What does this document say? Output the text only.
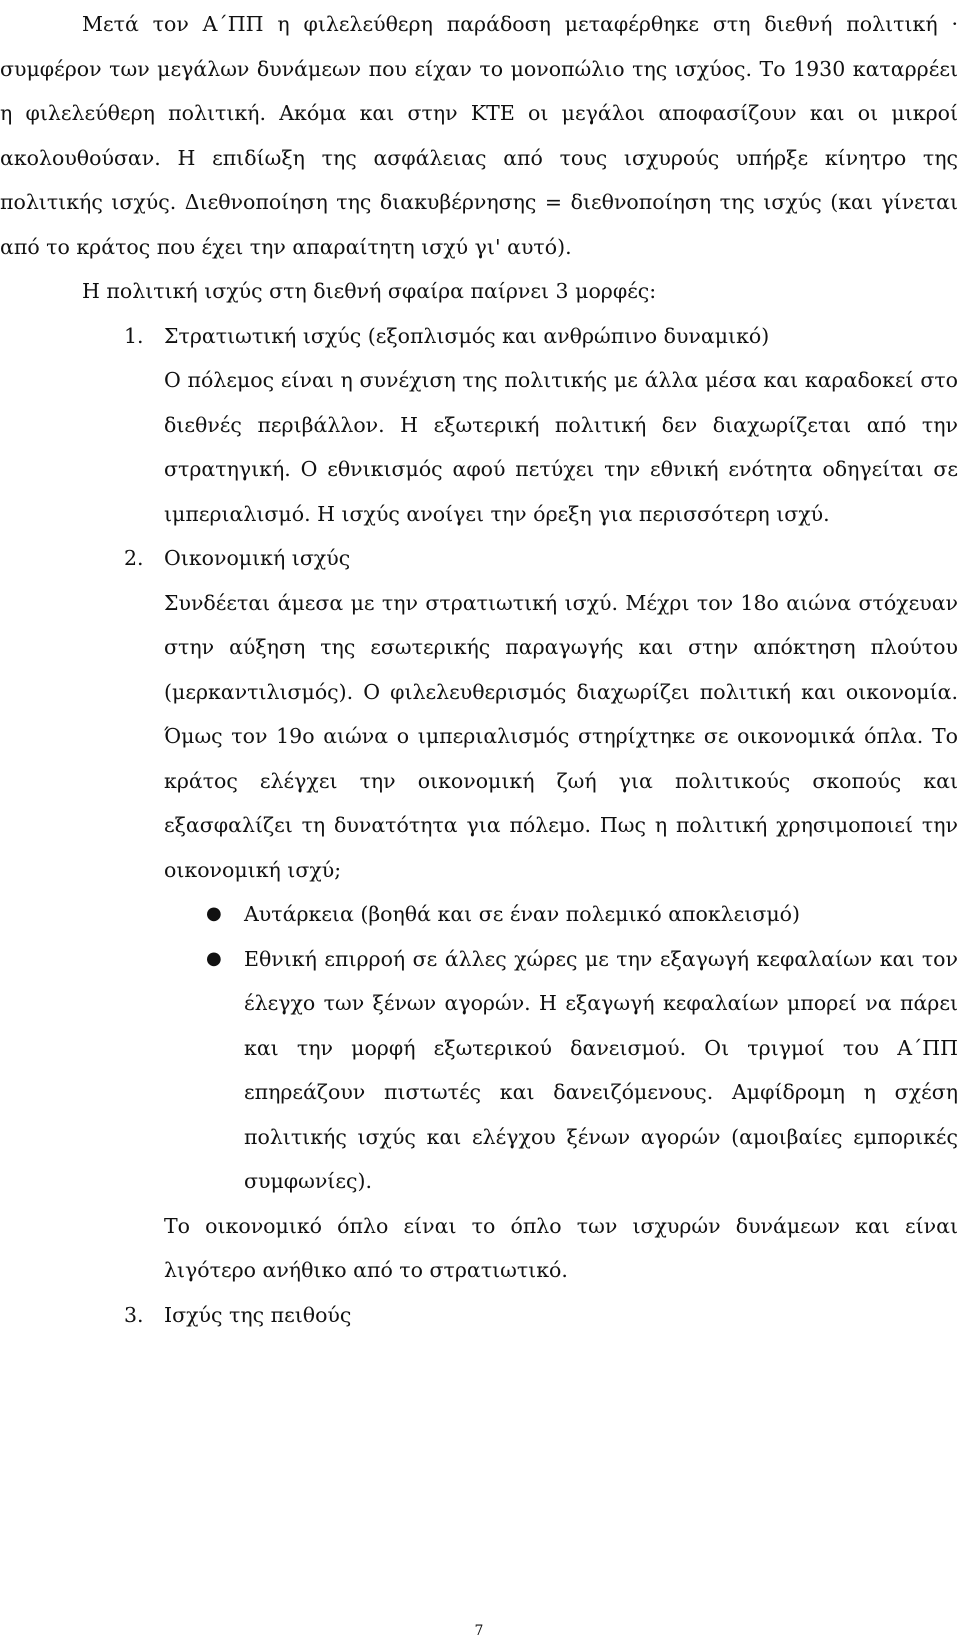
Μετά τον Α΄ΠΠ η φιλελεύθερη παράδοση μεταφέρθηκε στη διεθνή πολιτική · συμφέρον των μεγάλων δυνάμεων που είχαν το μονοπώλιο της ισχύος. Το 1930 καταρρέει η φιλελεύθερη πολιτική. Ακόμα και στην ΚΤΕ οι μεγάλοι αποφασίζουν και οι μικροί ακολουθούσαν. Η επιδίωξη της ασφάλειας από τους ισχυρούς υπήρξε κίνητρο της πολιτικής ισχύς. Διεθνοποίηση της διακυβέρνησης = διεθνοποίηση της ισχύς (και γίνεται από το κράτος που έχει την απαραίτητη ισχύ γι' αυτό).

Η πολιτική ισχύς στη διεθνή σφαίρα παίρνει 3 μορφές:

1. Στρατιωτική ισχύς (εξοπλισμός και ανθρώπινο δυναμικό)

Ο πόλεμος είναι η συνέχιση της πολιτικής με άλλα μέσα και καραδοκεί στο διεθνές περιβάλλον. Η εξωτερική πολιτική δεν διαχωρίζεται από την στρατηγική. Ο εθνικισμός αφού πετύχει την εθνική ενότητα οδηγείται σε ιμπεριαλισμό. Η ισχύς ανοίγει την όρεξη για περισσότερη ισχύ.

2. Οικονομική ισχύς

Συνδέεται άμεσα με την στρατιωτική ισχύ. Μέχρι τον 18ο αιώνα στόχευαν στην αύξηση της εσωτερικής παραγωγής και στην απόκτηση πλούτου (μερκαντιλισμός). Ο φιλελευθερισμός διαχωρίζει πολιτική και οικονομία. Όμως τον 19ο αιώνα ο ιμπεριαλισμός στηρίχτηκε σε οικονομικά όπλα. Το κράτος ελέγχει την οικονομική ζωή για πολιτικούς σκοπούς και εξασφαλίζει τη δυνατότητα για πόλεμο. Πως η πολιτική χρησιμοποιεί την οικονομική ισχύ;

● Αυτάρκεια (βοηθά και σε έναν πολεμικό αποκλεισμό)

● Εθνική επιρροή σε άλλες χώρες με την εξαγωγή κεφαλαίων και τον έλεγχο των ξένων αγορών. Η εξαγωγή κεφαλαίων μπορεί να πάρει και την μορφή εξωτερικού δανεισμού. Οι τριγμοί του Α΄ΠΠ επηρεάζουν πιστωτές και δανειζόμενους. Αμφίδρομη η σχέση πολιτικής ισχύς και ελέγχου ξένων αγορών (αμοιβαίες εμπορικές συμφωνίες).

Το οικονομικό όπλο είναι το όπλο των ισχυρών δυνάμεων και είναι λιγότερο ανήθικο από το στρατιωτικό.

3. Ισχύς της πειθούς

7
